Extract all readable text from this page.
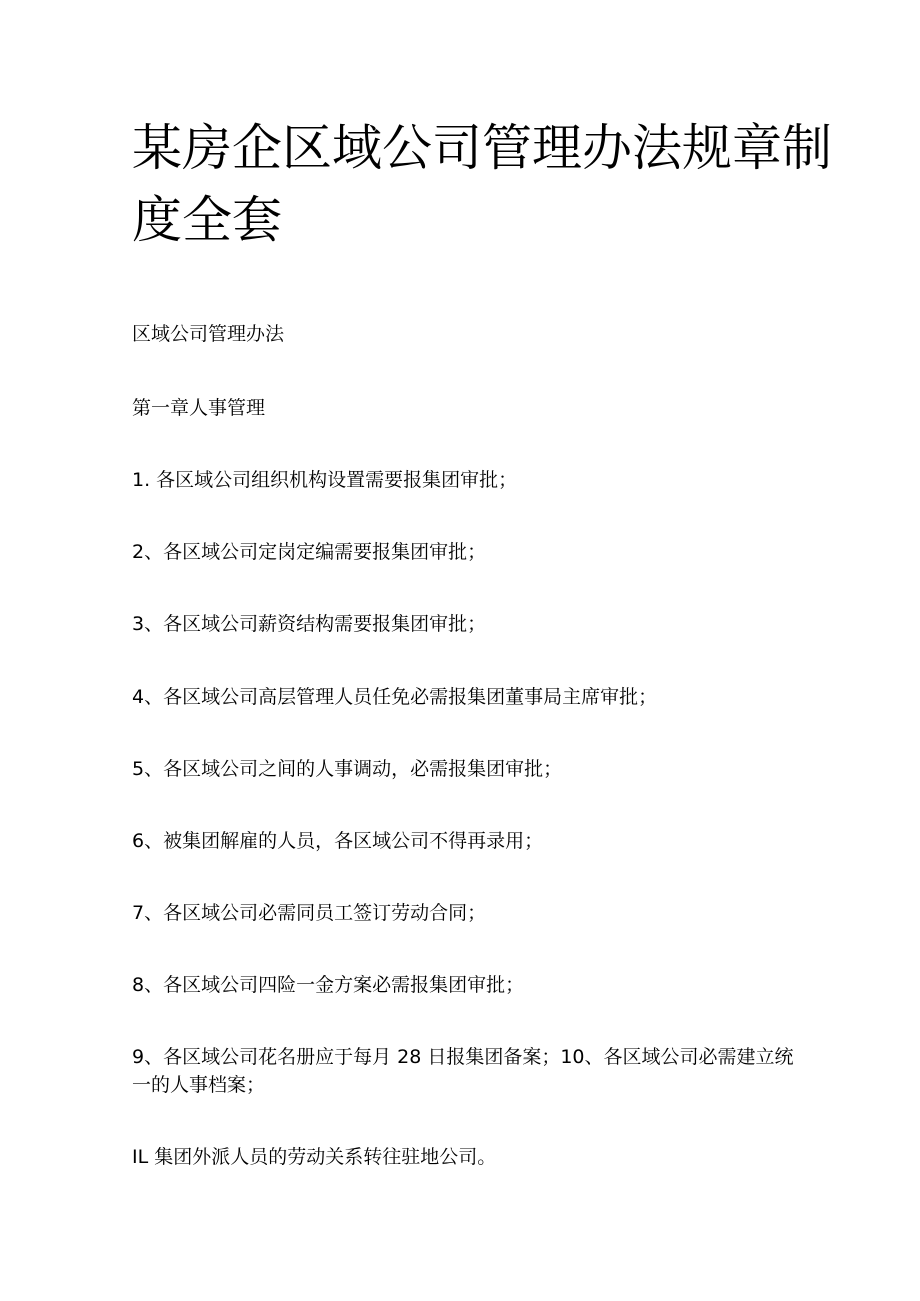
某房企区域公司管理办法规章制度全套

区域公司管理办法

第一章人事管理

1. 各区域公司组织机构设置需要报集团审批；

2、各区域公司定岗定编需要报集团审批；

3、各区域公司薪资结构需要报集团审批；

4、各区域公司高层管理人员任免必需报集团董事局主席审批；

5、各区域公司之间的人事调动，必需报集团审批；

6、被集团解雇的人员，各区域公司不得再录用；

7、各区域公司必需同员工签订劳动合同；

8、各区域公司四险一金方案必需报集团审批；

9、各区域公司花名册应于每月 28 日报集团备案；10、各区域公司必需建立统一的人事档案；

IL 集团外派人员的劳动关系转往驻地公司。
